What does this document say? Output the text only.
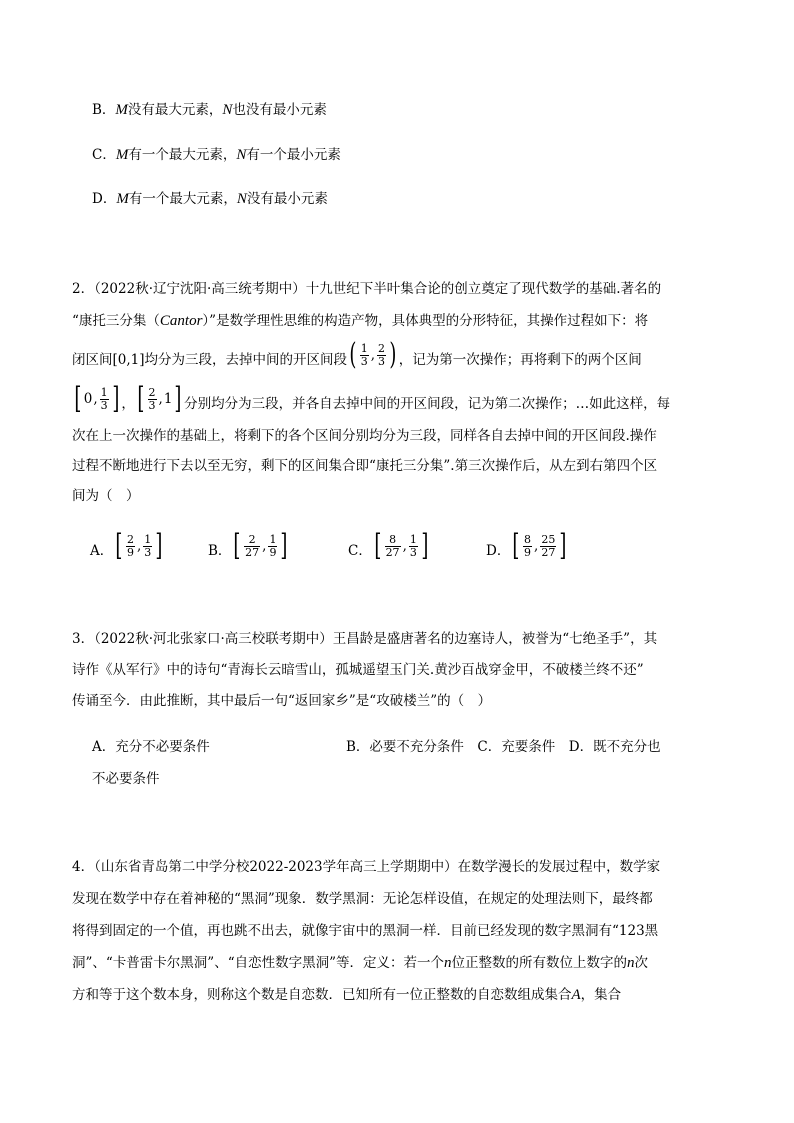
B．M没有最大元素，N也没有最小元素
C．M有一个最大元素，N有一个最小元素
D．M有一个最大元素，N没有最小元素
2．（2022秋·辽宁沈阳·高三统考期中）十九世纪下半叶集合论的创立奠定了现代数学的基础.著名的
“康托三分集（Cantor）”是数学理性思维的构造产物，具体典型的分形特征，其操作过程如下：将
闭区间[0,1]均分为三段，去掉中间的开区间段 ( $\frac{1}{3}$ , $\frac{2}{3}$ ) ，记为第一次操作；再将剩下的两个区间
[ 0 , $\frac{1}{3}$ ] ， [ $\frac{2}{3}$ , 1 ] 分别均分为三段，并各自去掉中间的开区间段，记为第二次操作；…如此这样，每
次在上一次操作的基础上，将剩下的各个区间分别均分为三段，同样各自去掉中间的开区间段.操作
过程不断地进行下去以至无穷，剩下的区间集合即“康托三分集”.第三次操作后，从左到右第四个区
间为（　）
A． [ $\frac{2}{9}$ , $\frac{1}{3}$ ]	B． [ $\frac{2}{27}$ , $\frac{1}{9}$ ]	C． [ $\frac{8}{27}$ , $\frac{1}{3}$ ]	D． [ $\frac{8}{9}$ , $\frac{25}{27}$ ]
3．（2022秋·河北张家口·高三校联考期中）王昌龄是盛唐著名的边塞诗人，被誉为“七绝圣手”，其
诗作《从军行》中的诗句“青海长云暗雪山，孤城遥望玉门关.黄沙百战穿金甲，不破楼兰终不还”
传诵至今．由此推断，其中最后一句“返回家乡”是“攻破楼兰”的（　）
A．充分不必要条件	B．必要不充分条件　C．充要条件　D．既不充分也
不必要条件
4．（山东省青岛第二中学分校2022-2023学年高三上学期期中）在数学漫长的发展过程中，数学家
发现在数学中存在着神秘的“黑洞”现象．数学黑洞：无论怎样设值，在规定的处理法则下，最终都
将得到固定的一个值，再也跳不出去，就像宇宙中的黑洞一样．目前已经发现的数字黑洞有“123黑
洞”、“卡普雷卡尔黑洞”、“自恋性数字黑洞”等．定义：若一个n位正整数的所有数位上数字的n次
方和等于这个数本身，则称这个数是自恋数．已知所有一位正整数的自恋数组成集合A，集合
